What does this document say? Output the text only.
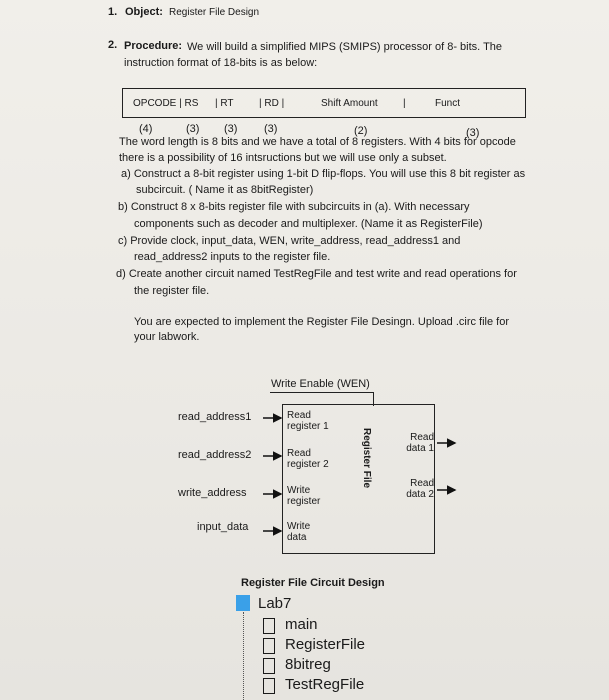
1. Object: Register File Design
2. Procedure: We will build a simplified MIPS (SMIPS) processor of 8- bits. The
instruction format of 18-bits is as below:
OPCODE | RS | RT	| RD |	Shift Amount	|	Funct
(4)	(3) (3) (3)	(2)	(3)
The word length is 8 bits and we have a total of 8 registers. With 4 bits for opcode
there is a possibility of 16 intsructions but we will use only a subset.
a) Construct a 8-bit register using 1-bit D flip-flops. You will use this 8 bit register as
subcircuit. ( Name it as 8bitRegister)
b) Construct 8 x 8-bits register file with subcircuits in (a). With necessary
components such as decoder and multiplexer. (Name it as RegisterFile)
c) Provide clock, input_data, WEN, write_address, read_address1 and
read_address2 inputs to the register file.
d) Create another circuit named TestRegFile and test write and read operations for
the register file.
You are expected to implement the Register File Desingn. Upload .circ file for
your labwork.
Write Enable (WEN)
read_address1
read_address2
write_address
input_data
Read
register 1
Read
register 2
Write
register
Write
data
Read
data 1
Read
data 2
Register File
Register File Circuit Design
Lab7
main
RegisterFile
8bitreg
TestRegFile
